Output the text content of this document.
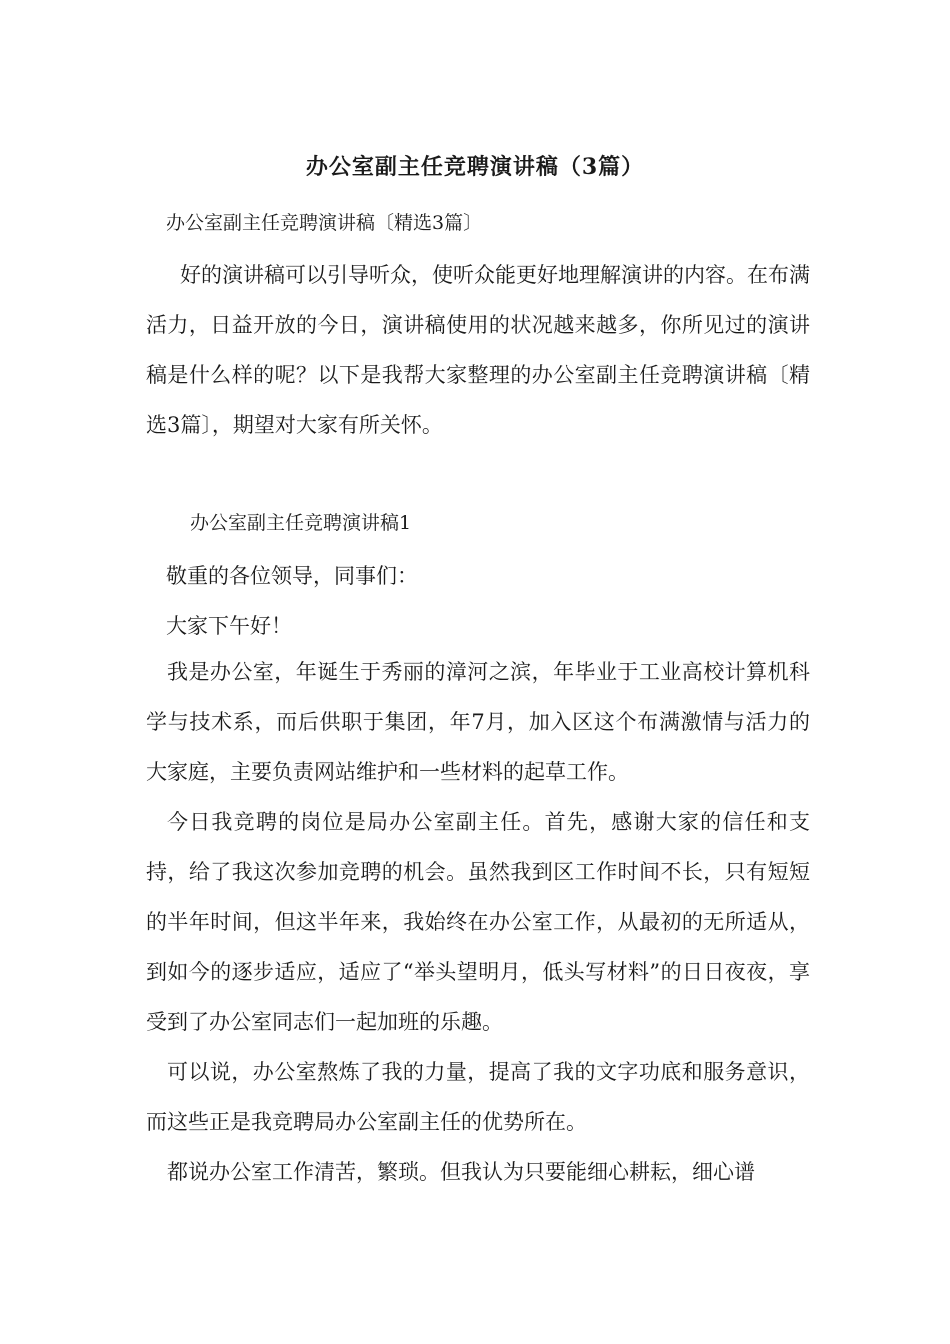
办公室副主任竞聘演讲稿（3篇）
办公室副主任竞聘演讲稿〔精选3篇〕
好的演讲稿可以引导听众，使听众能更好地理解演讲的内容。在布满活力，日益开放的今日，演讲稿使用的状况越来越多，你所见过的演讲稿是什么样的呢？以下是我帮大家整理的办公室副主任竞聘演讲稿〔精选3篇〕，期望对大家有所关怀。
办公室副主任竞聘演讲稿1
敬重的各位领导，同事们：
大家下午好！
我是办公室，年诞生于秀丽的漳河之滨，年毕业于工业高校计算机科学与技术系，而后供职于集团，年7月，加入区这个布满激情与活力的大家庭，主要负责网站维护和一些材料的起草工作。
今日我竞聘的岗位是局办公室副主任。首先，感谢大家的信任和支持，给了我这次参加竞聘的机会。虽然我到区工作时间不长，只有短短的半年时间，但这半年来，我始终在办公室工作，从最初的无所适从，到如今的逐步适应，适应了“举头望明月，低头写材料”的日日夜夜，享受到了办公室同志们一起加班的乐趣。
可以说，办公室熬炼了我的力量，提高了我的文字功底和服务意识，而这些正是我竞聘局办公室副主任的优势所在。
都说办公室工作清苦，繁琐。但我认为只要能细心耕耘，细心谱
